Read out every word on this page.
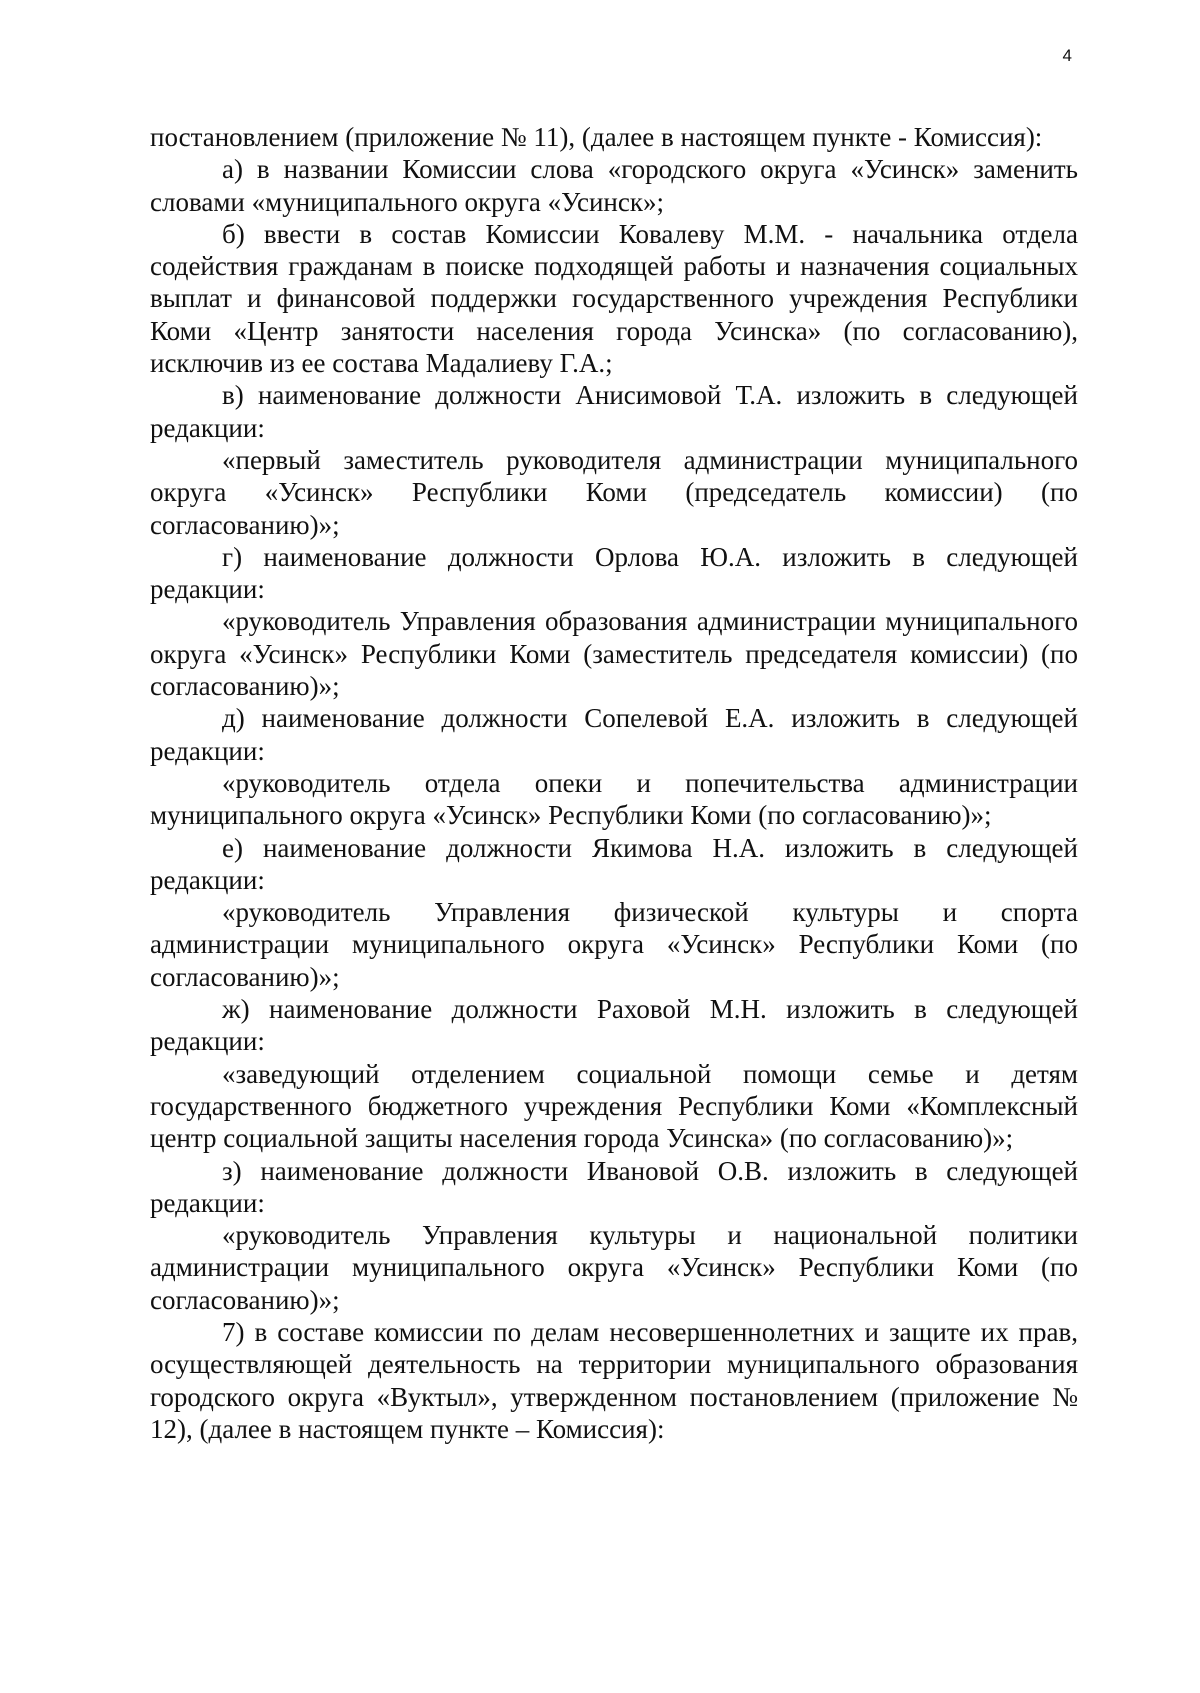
4

постановлением (приложение № 11), (далее в настоящем пункте - Комиссия):

а) в названии Комиссии слова «городского округа «Усинск» заменить словами «муниципального округа «Усинск»;

б) ввести в состав Комиссии Ковалеву М.М. - начальника отдела содействия гражданам в поиске подходящей работы и назначения социальных выплат и финансовой поддержки государственного учреждения Республики Коми «Центр занятости населения города Усинска» (по согласованию), исключив из ее состава Мадалиеву Г.А.;

в) наименование должности Анисимовой Т.А. изложить в следующей редакции:

«первый заместитель руководителя администрации муниципального округа «Усинск» Республики Коми (председатель комиссии) (по согласованию)»;

г) наименование должности Орлова Ю.А. изложить в следующей редакции:

«руководитель Управления образования администрации муниципального округа «Усинск» Республики Коми (заместитель председателя комиссии) (по согласованию)»;

д) наименование должности Сопелевой Е.А. изложить в следующей редакции:

«руководитель отдела опеки и попечительства администрации муниципального округа «Усинск» Республики Коми (по согласованию)»;

е) наименование должности Якимова Н.А. изложить в следующей редакции:

«руководитель Управления физической культуры и спорта администрации муниципального округа «Усинск» Республики Коми (по согласованию)»;

ж) наименование должности Раховой М.Н. изложить в следующей редакции:

«заведующий отделением социальной помощи семье и детям государственного бюджетного учреждения Республики Коми «Комплексный центр социальной защиты населения города Усинска» (по согласованию)»;

з) наименование должности Ивановой О.В. изложить в следующей редакции:

«руководитель Управления культуры и национальной политики администрации муниципального округа «Усинск» Республики Коми (по согласованию)»;

7) в составе комиссии по делам несовершеннолетних и защите их прав, осуществляющей деятельность на территории муниципального образования городского округа «Вуктыл», утвержденном постановлением (приложение № 12), (далее в настоящем пункте – Комиссия):
